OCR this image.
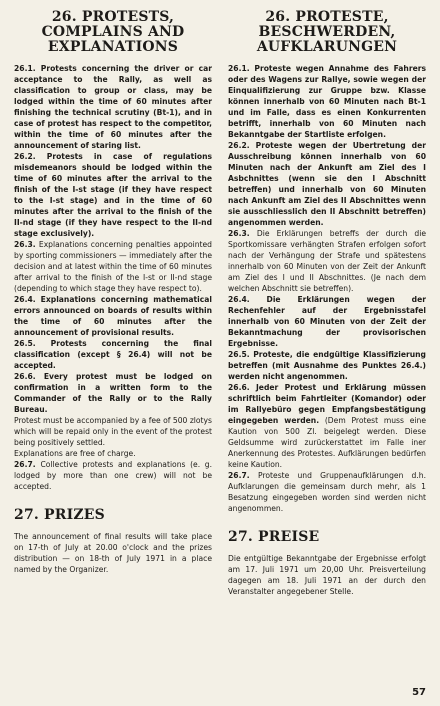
26. PROTESTS, COMPLAINS AND EXPLANATIONS

26.1. Protests concerning the driver or car acceptance to the Rally, as well as classification to group or class, may be lodged within the time of 60 minutes after finishing the technical scrutiny (Bt-1), and in case of protest has respect to the competitor, within the time of 60 minutes after the announcement of staring list.

26.2. Protests in case of regulations misdemeanors should be lodged within the time of 60 minutes after the arrival to the finish of the I-st stage (if they have respect to the I-st stage) and in the time of 60 minutes after the arrival to the finish of the II-nd stage (if they have respect to the II-nd stage exclusively).

26.3. Explanations concerning penalties appointed by sporting commissioners — immediately after the decision and at latest within the time of 60 minutes after arrival to the finish of the I-st or II-nd stage (depending to which stage they have respect to).

26.4. Explanations concerning mathematical errors announced on boards of results within the time of 60 minutes after the announcement of provisional results.

26.5. Protests concerning the final classification (except § 26.4) will not be accepted.

26.6. Every protest must be lodged on confirmation in a written form to the Commander of the Rally or to the Rally Bureau.

Protest must be accompanied by a fee of 500 zlotys which will be repaid only in the event of the protest being positively settled.

Explanations are free of charge.

26.7. Collective protests and explanations (e. g. lodged by more than one crew) will not be accepted.

27. PRIZES

The announcement of final results will take place on 17-th of July at 20.00 o'clock and the prizes distribution — on 18-th of July 1971 in a place named by the Organizer.

26. PROTESTE, BESCHWERDEN, AUFKLARUNGEN

26.1. Proteste wegen Annahme des Fahrers oder des Wagens zur Rallye, sowie wegen der Einqualifizierung zur Gruppe bzw. Klasse können innerhalb von 60 Minuten nach Bt-1 und im Falle, dass es einen Konkurrenten betrifft, innerhalb von 60 Minuten nach Bekanntgabe der Startliste erfolgen.

26.2. Proteste wegen der Ubertretung der Ausschreibung können innerhalb von 60 Minuten nach der Ankunft am Ziel des I Asbchnittes (wenn sie den I Abschnitt betreffen) und innerhalb von 60 Minuten nach Ankunft am Ziel des II Abschnittes wenn sie ausschliesslich den II Abschnitt betreffen) angenommen werden.

26.3. Die Erklärungen betreffs der durch die Sportkomissare verhängten Strafen erfolgen sofort nach der Verhängung der Strafe und spätestens innerhalb von 60 Minuten von der Zeit der Ankunft am Ziel des I und II Abschnittes. (Je nach dem welchen Abschnitt sie betreffen).

26.4. Die Erklärungen wegen der Rechenfehler auf der Ergebnisstafel innerhalb von 60 Minuten von der Zeit der Bekanntmachung der provisorischen Ergebnisse.

26.5. Proteste, die endgültige Klassifizierung betreffen (mit Ausnahme des Punktes 26.4.) werden nicht angenommen.

26.6. Jeder Protest und Erklärung müssen schriftlich beim Fahrtleiter (Komandor) oder im Rallyebüro gegen Empfangsbestätigung eingegeben werden. (Dem Protest muss eine Kaution von 500 Zl. beigelegt werden. Diese Geldsumme wird zurückerstattet im Falle iner Anerkennung des Protestes. Aufklärungen bedürfen keine Kaution.

26.7. Proteste und Gruppenaufklärungen d.h. Aufklarungen die gemeinsam durch mehr, als 1 Besatzung eingegeben worden sind werden nicht angenommen.

27. PREISE

Die entgültige Bekanntgabe der Ergebnisse erfolgt am 17. Juli 1971 um 20,00 Uhr. Preisverteilung dagegen am 18. Juli 1971 an der durch den Veranstalter angegebener Stelle.

57
